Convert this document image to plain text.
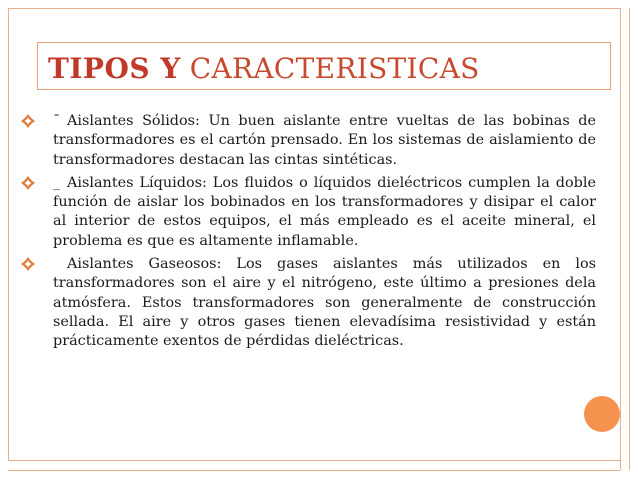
TIPOS Y CARACTERISTICAS
¯ Aislantes Sólidos: Un buen aislante entre vueltas de las bobinas de transformadores es el cartón prensado. En los sistemas de aislamiento de transformadores destacan las cintas sintéticas.
_ Aislantes Líquidos: Los fluidos o líquidos dieléctricos cumplen la doble función de aislar los bobinados en los transformadores y disipar el calor al interior de estos equipos, el más empleado es el aceite mineral, el problema es que es altamente inflamable.
Aislantes Gaseosos: Los gases aislantes más utilizados en los transformadores son el aire y el nitrógeno, este último a presiones dela atmósfera. Estos transformadores son generalmente de construcción sellada. El aire y otros gases tienen elevadísima resistividad y están prácticamente exentos de pérdidas dieléctricas.
